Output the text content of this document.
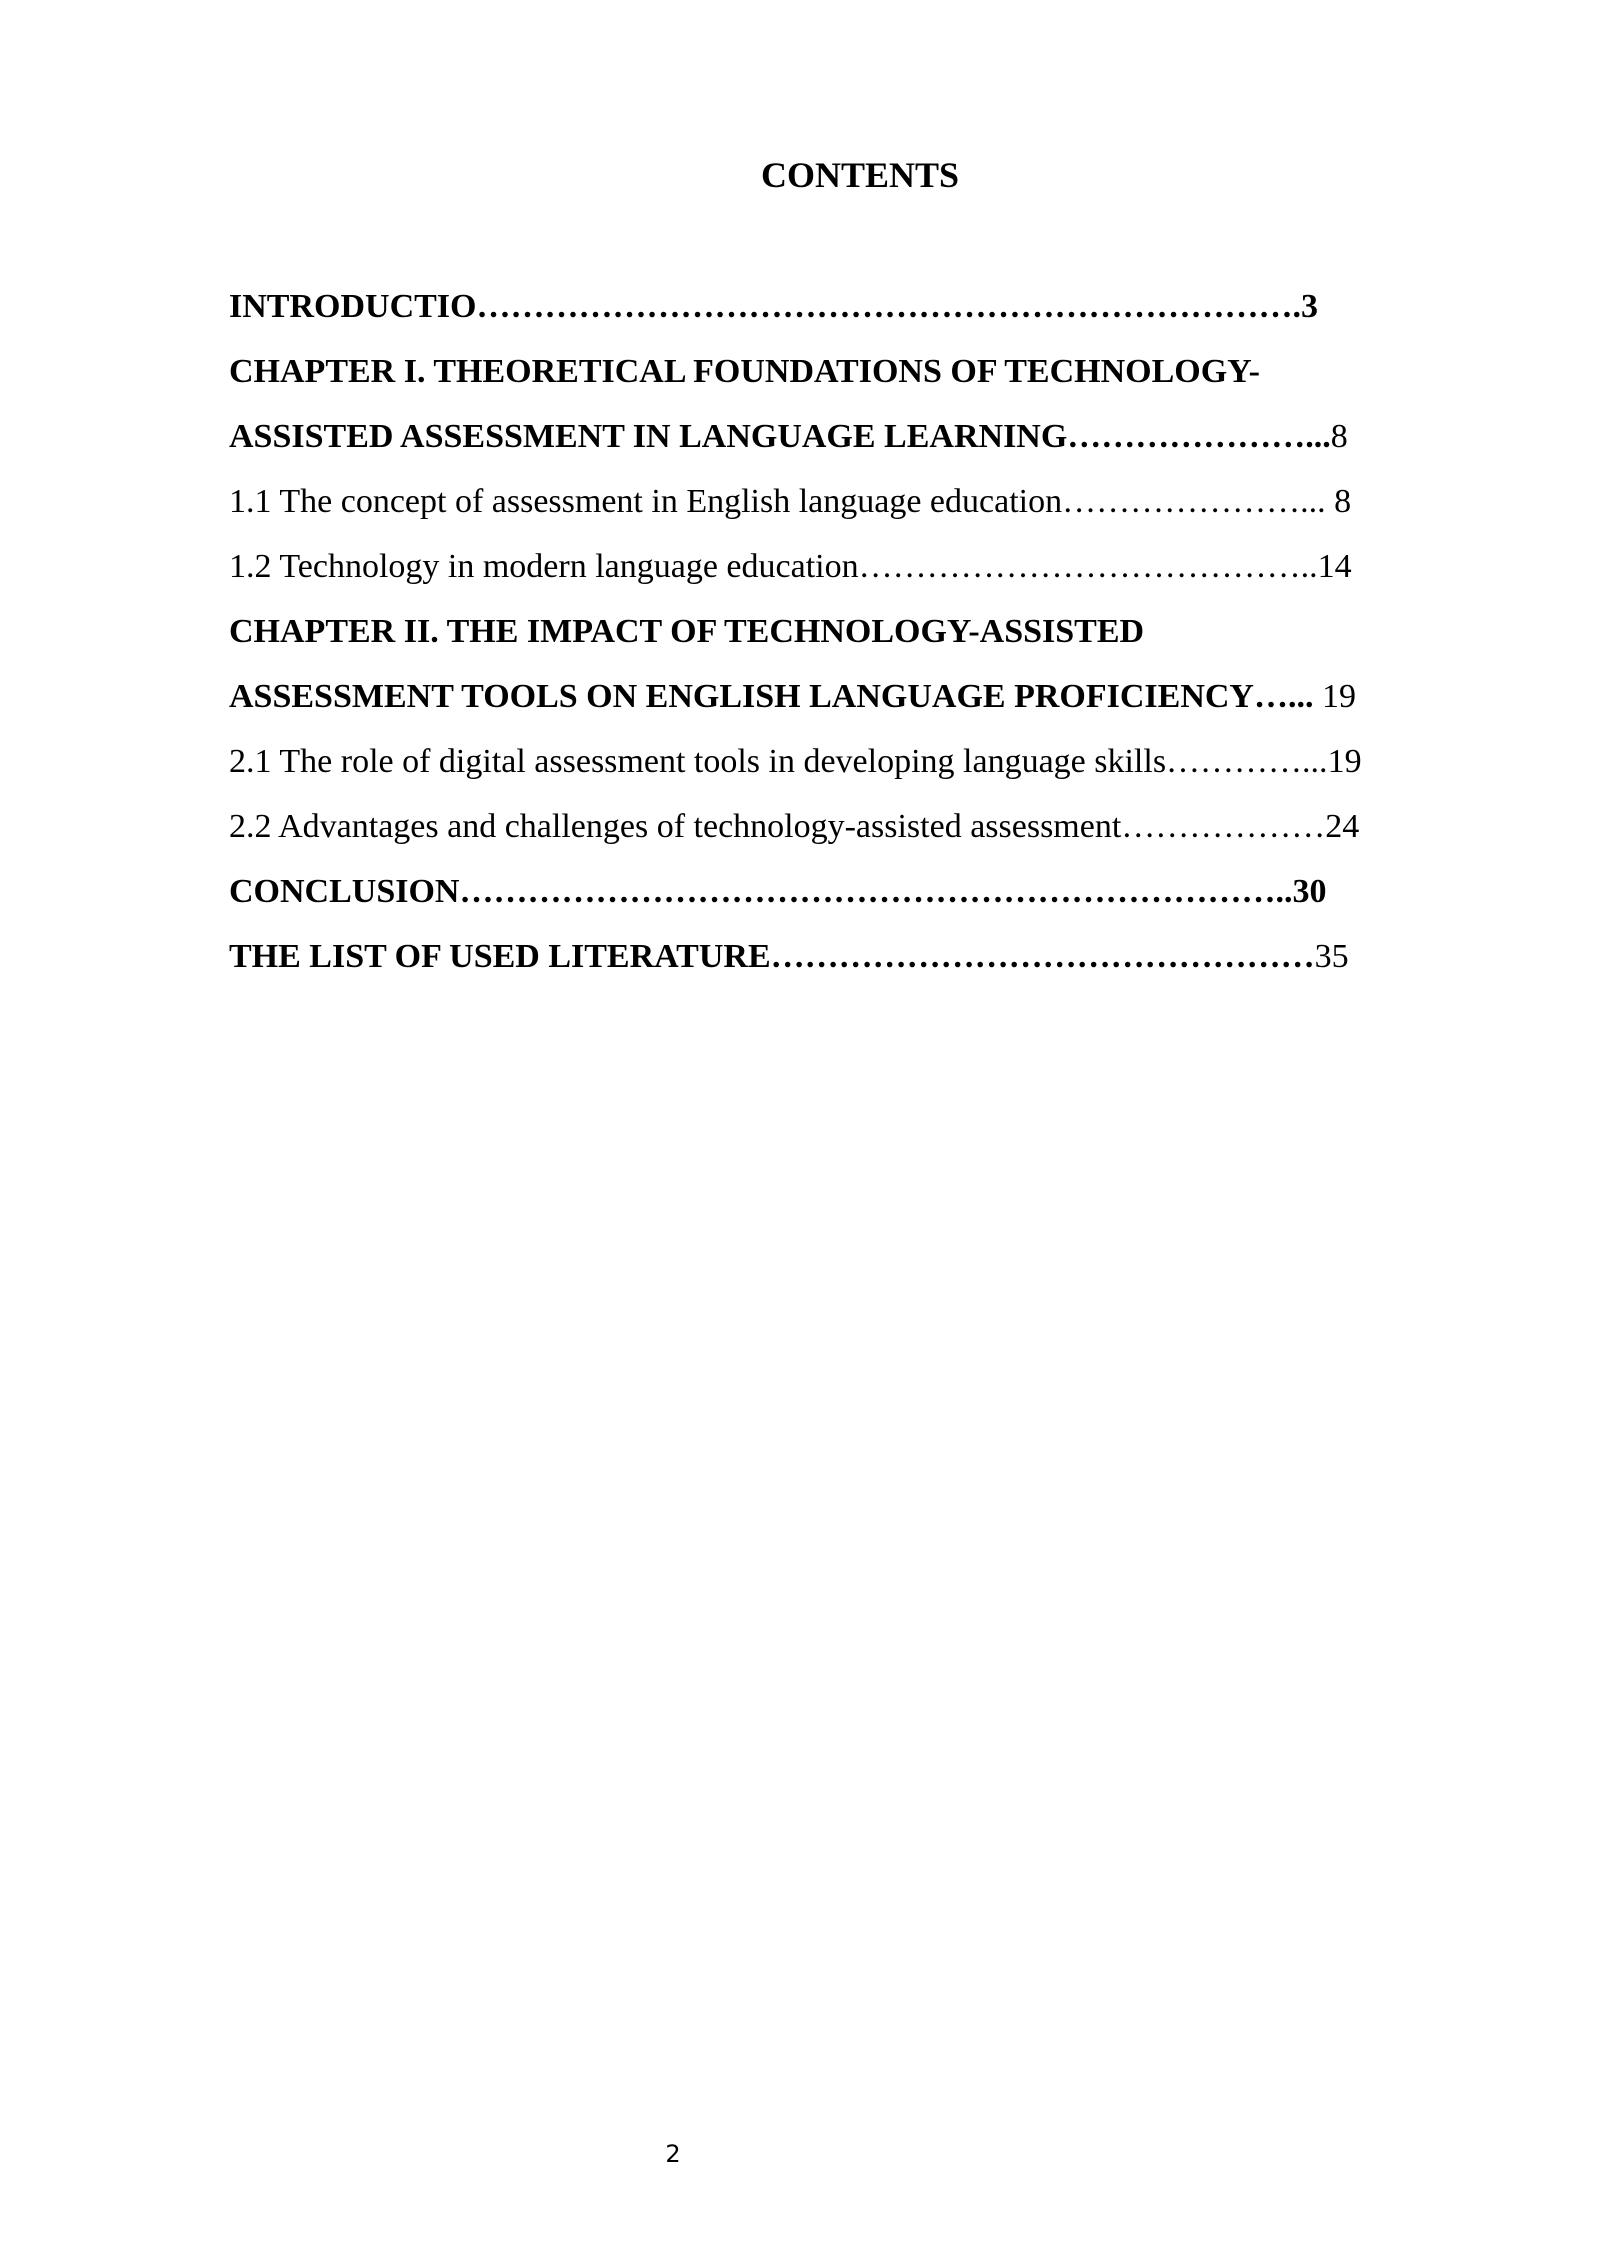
CONTENTS
INTRODUCTIO……………………………………………………………….3
CHAPTER I. THEORETICAL FOUNDATIONS OF TECHNOLOGY-
ASSISTED ASSESSMENT IN LANGUAGE LEARNING…………………...8
1.1 The concept of assessment in English language education…………………... 8
1.2 Technology in modern language education…………………………………..14
CHAPTER II. THE IMPACT OF TECHNOLOGY-ASSISTED
ASSESSMENT TOOLS ON ENGLISH LANGUAGE PROFICIENCY…... 19
2.1 The role of digital assessment tools in developing language skills…………...19
2.2 Advantages and challenges of technology-assisted assessment………………24
CONCLUSION………………………………………………………………..30
THE LIST OF USED LITERATURE…………………………………………35
2
